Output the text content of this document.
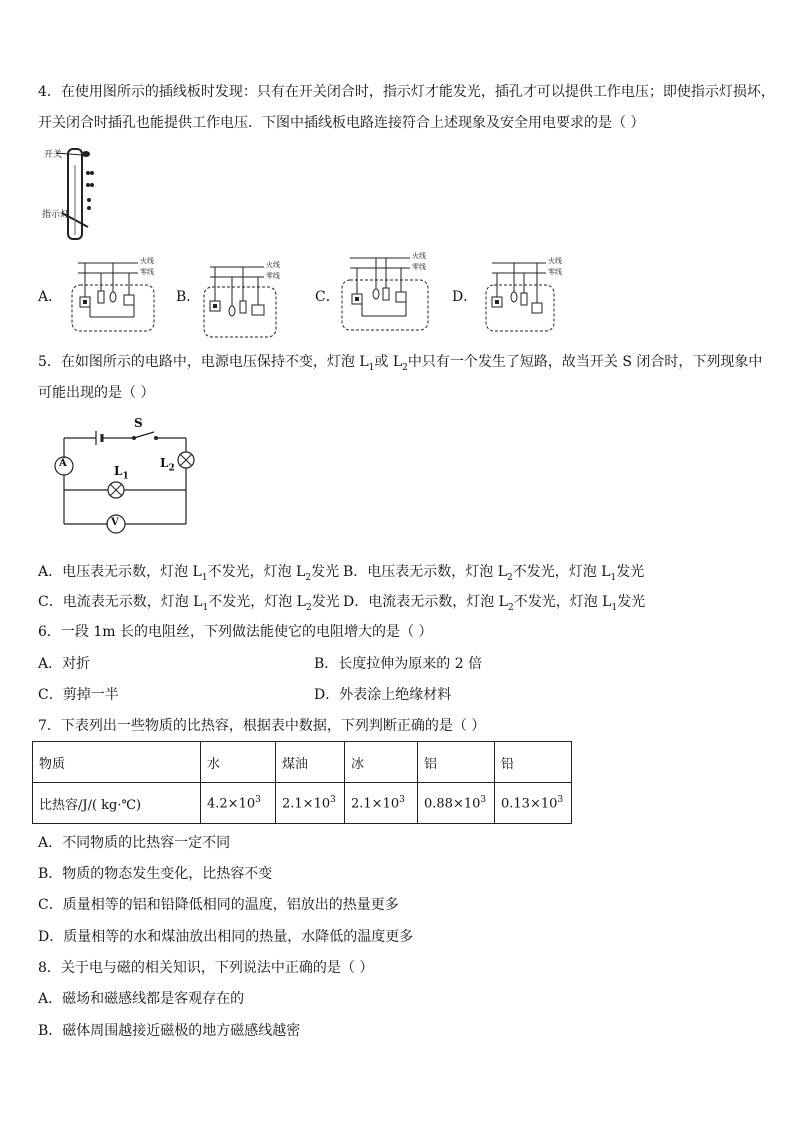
4．在使用图所示的插线板时发现：只有在开关闭合时，指示灯才能发光，插孔才可以提供工作电压；即使指示灯损坏，
开关闭合时插孔也能提供工作电压．下图中插线板电路连接符合上述现象及安全用电要求的是（ ）
开关
指示灯
A．	B．	C．	D．
火线
零线
火线
零线
火线
零线
火线
零线
5．在如图所示的电路中，电源电压保持不变，灯泡 $L_1$或 $L_2$中只有一个发生了短路，故当开关 S 闭合时，下列现象中
可能出现的是（ ）
S
A
V
$L_1$
$L_2$
A．电压表无示数，灯泡 $L_1$不发光，灯泡 $L_2$发光 B．电压表无示数，灯泡 $L_2$不发光，灯泡 $L_1$发光
C．电流表无示数，灯泡 $L_1$不发光，灯泡 $L_2$发光 D．电流表无示数，灯泡 $L_2$不发光，灯泡 $L_1$发光
6．一段 1m 长的电阻丝，下列做法能使它的电阻增大的是（ ）
A．对折	B．长度拉伸为原来的 2 倍
C．剪掉一半	D．外表涂上绝缘材料
7．下表列出一些物质的比热容，根据表中数据，下列判断正确的是（ ）
物质	水	煤油	冰	铝	铅
比热容/J/( kg·℃)	$4.2\times 10^3$	$2.1\times 10^3$	$2.1\times 10^3$	$0.88\times 10^3$	$0.13\times 10^3$
A．不同物质的比热容一定不同
B．物质的物态发生变化，比热容不变
C．质量相等的铝和铅降低相同的温度，铝放出的热量更多
D．质量相等的水和煤油放出相同的热量，水降低的温度更多
8．关于电与磁的相关知识，下列说法中正确的是（ ）
A．磁场和磁感线都是客观存在的
B．磁体周围越接近磁极的地方磁感线越密
